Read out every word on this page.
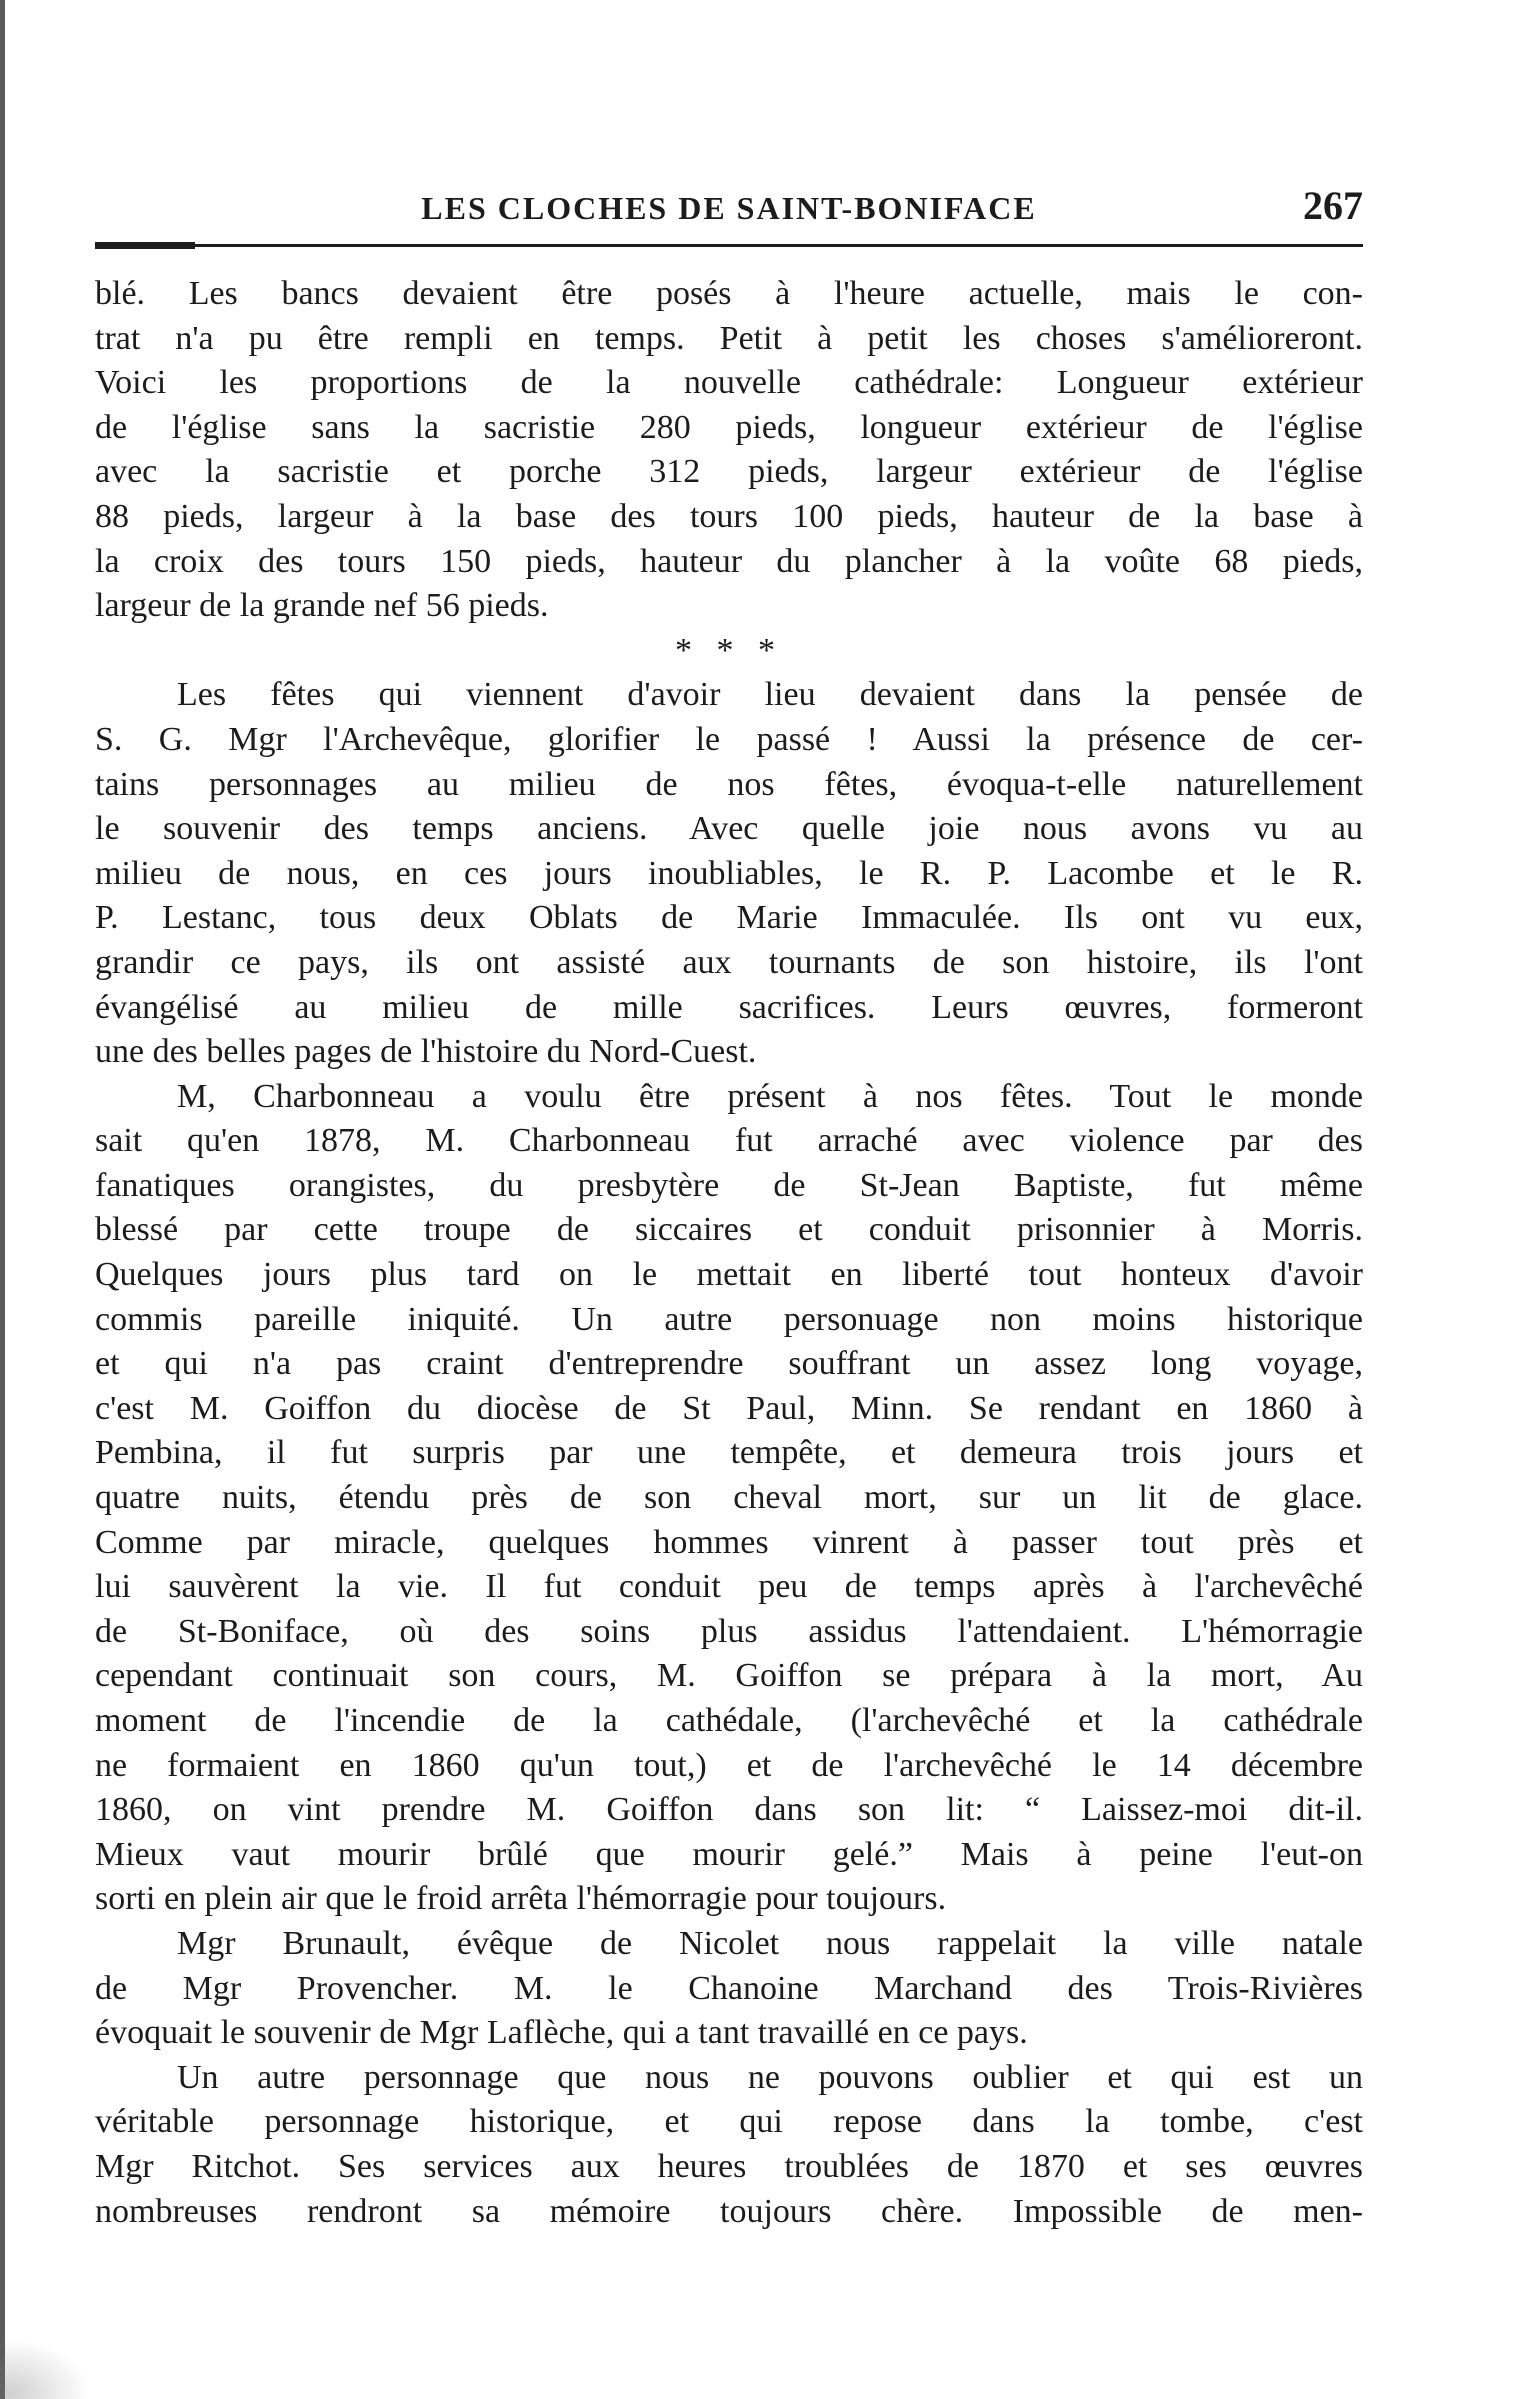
LES CLOCHES DE SAINT-BONIFACE	267
blé. Les bancs devaient être posés à l'heure actuelle, mais le con-
trat n'a pu être rempli en temps. Petit à petit les choses s'amélioreront.
Voici les proportions de la nouvelle cathédrale: Longueur extérieur
de l'église sans la sacristie 280 pieds, longueur extérieur de l'église
avec la sacristie et porche 312 pieds, largeur extérieur de l'église
88 pieds, largeur à la base des tours 100 pieds, hauteur de la base à
la croix des tours 150 pieds, hauteur du plancher à la voûte 68 pieds,
largeur de la grande nef 56 pieds.
* * *
Les fêtes qui viennent d'avoir lieu devaient dans la pensée de
S. G. Mgr l'Archevêque, glorifier le passé ! Aussi la présence de cer-
tains personnages au milieu de nos fêtes, évoqua-t-elle naturellement
le souvenir des temps anciens. Avec quelle joie nous avons vu au
milieu de nous, en ces jours inoubliables, le R. P. Lacombe et le R.
P. Lestanc, tous deux Oblats de Marie Immaculée. Ils ont vu eux,
grandir ce pays, ils ont assisté aux tournants de son histoire, ils l'ont
évangélisé au milieu de mille sacrifices. Leurs œuvres, formeront
une des belles pages de l'histoire du Nord-Cuest.
M, Charbonneau a voulu être présent à nos fêtes. Tout le monde
sait qu'en 1878, M. Charbonneau fut arraché avec violence par des
fanatiques orangistes, du presbytère de St-Jean Baptiste, fut même
blessé par cette troupe de siccaires et conduit prisonnier à Morris.
Quelques jours plus tard on le mettait en liberté tout honteux d'avoir
commis pareille iniquité. Un autre personuage non moins historique
et qui n'a pas craint d'entreprendre souffrant un assez long voyage,
c'est M. Goiffon du diocèse de St Paul, Minn. Se rendant en 1860 à
Pembina, il fut surpris par une tempête, et demeura trois jours et
quatre nuits, étendu près de son cheval mort, sur un lit de glace.
Comme par miracle, quelques hommes vinrent à passer tout près et
lui sauvèrent la vie. Il fut conduit peu de temps après à l'archevêché
de St-Boniface, où des soins plus assidus l'attendaient. L'hémorragie
cependant continuait son cours, M. Goiffon se prépara à la mort, Au
moment de l'incendie de la cathédale, (l'archevêché et la cathédrale
ne formaient en 1860 qu'un tout,) et de l'archevêché le 14 décembre
1860, on vint prendre M. Goiffon dans son lit: “ Laissez-moi dit-il.
Mieux vaut mourir brûlé que mourir gelé.” Mais à peine l'eut-on
sorti en plein air que le froid arrêta l'hémorragie pour toujours.
Mgr Brunault, évêque de Nicolet nous rappelait la ville natale
de Mgr Provencher. M. le Chanoine Marchand des Trois-Rivières
évoquait le souvenir de Mgr Laflèche, qui a tant travaillé en ce pays.
Un autre personnage que nous ne pouvons oublier et qui est un
véritable personnage historique, et qui repose dans la tombe, c'est
Mgr Ritchot. Ses services aux heures troublées de 1870 et ses œuvres
nombreuses rendront sa mémoire toujours chère. Impossible de men-
